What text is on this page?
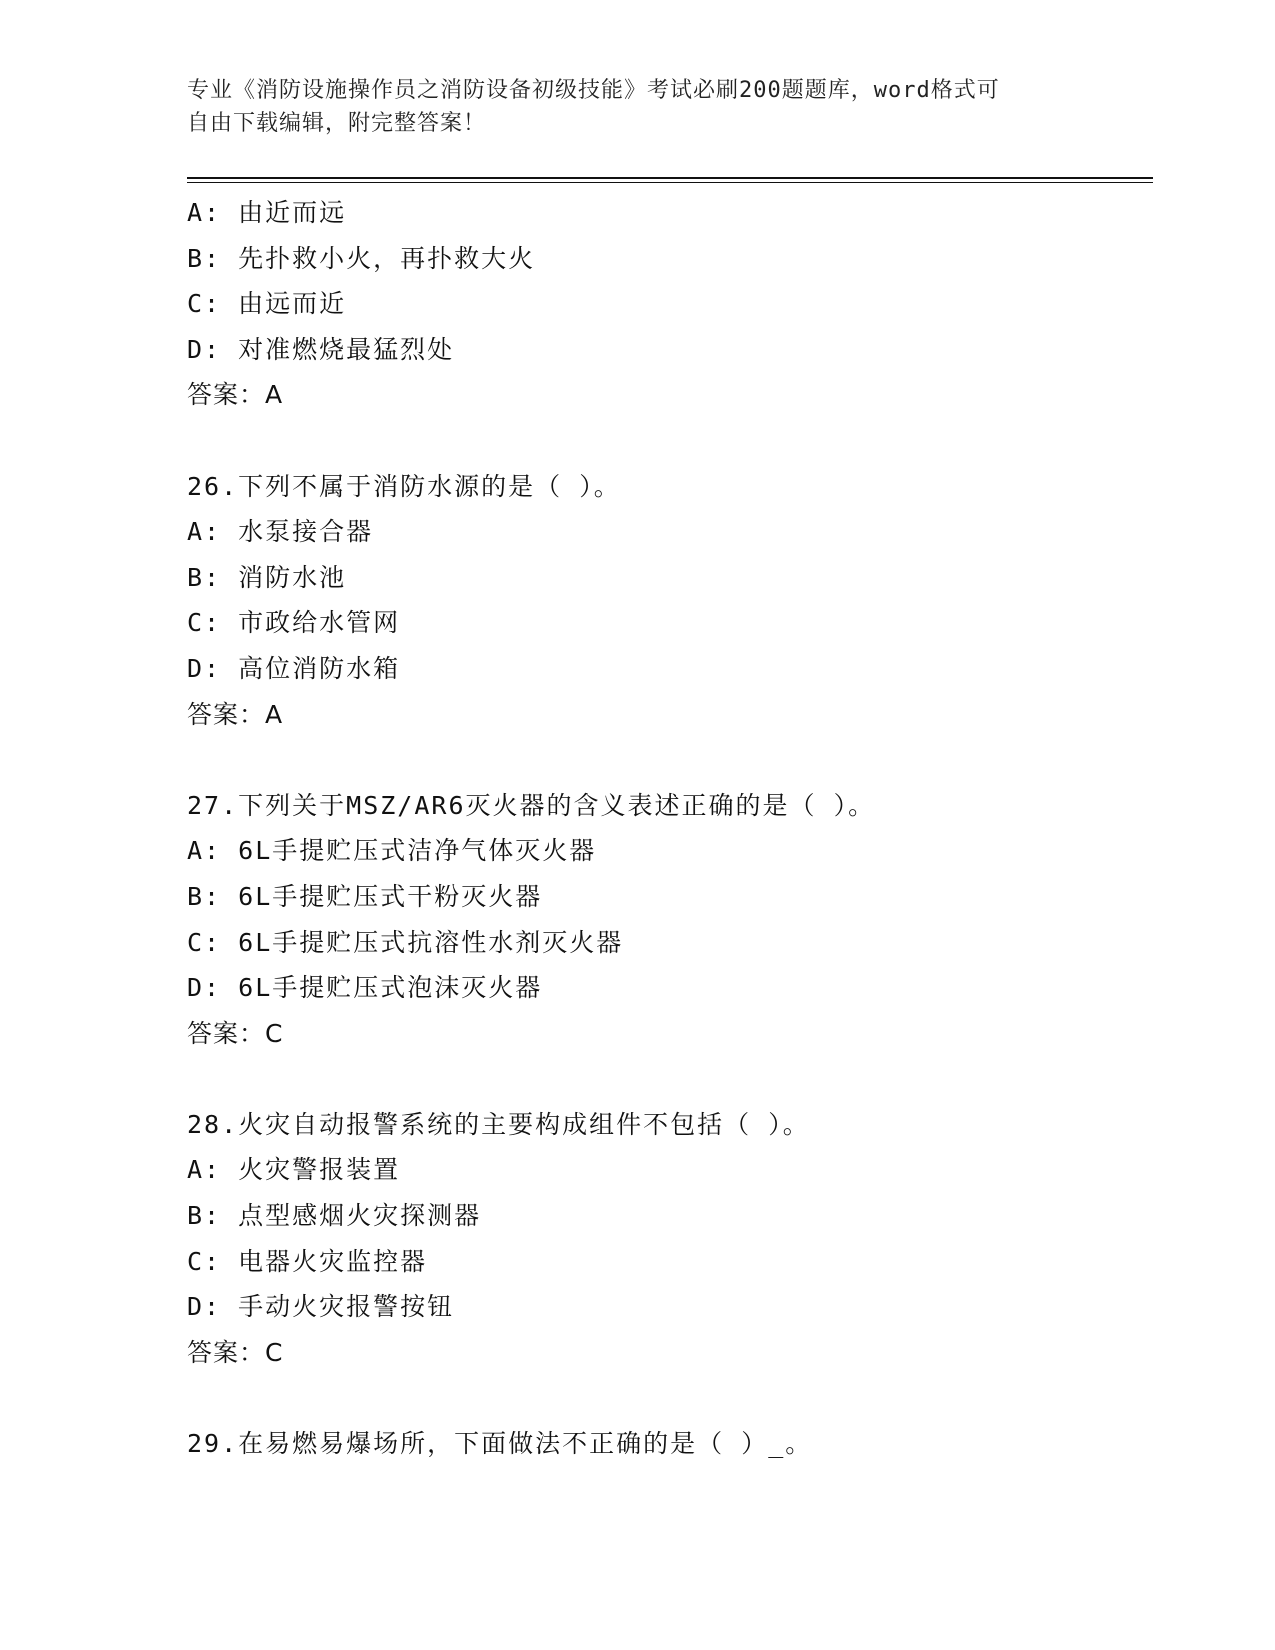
专业《消防设施操作员之消防设备初级技能》考试必刷200题题库，word格式可
自由下载编辑，附完整答案！
A: 由近而远
B: 先扑救小火，再扑救大火
C: 由远而近
D: 对准燃烧最猛烈处
答案：A
26.下列不属于消防水源的是（ ）。
A: 水泵接合器
B: 消防水池
C: 市政给水管网
D: 高位消防水箱
答案：A
27.下列关于MSZ/AR6灭火器的含义表述正确的是（ ）。
A: 6L手提贮压式洁净气体灭火器
B: 6L手提贮压式干粉灭火器
C: 6L手提贮压式抗溶性水剂灭火器
D: 6L手提贮压式泡沫灭火器
答案：C
28.火灾自动报警系统的主要构成组件不包括（ ）。
A: 火灾警报装置
B: 点型感烟火灾探测器
C: 电器火灾监控器
D: 手动火灾报警按钮
答案：C
29.在易燃易爆场所，下面做法不正确的是（ ）_。
